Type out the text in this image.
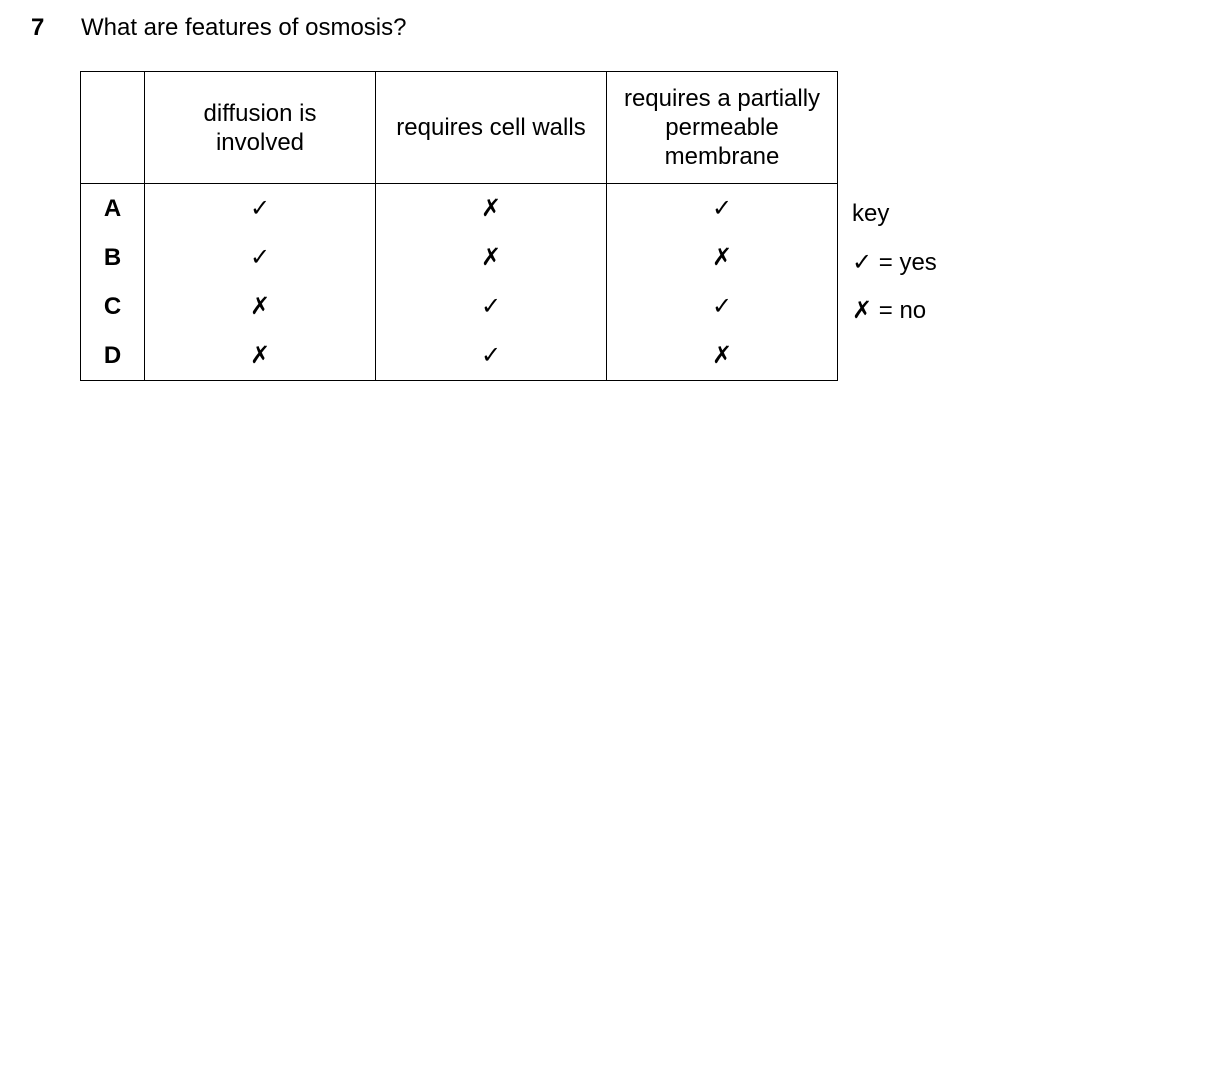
7 What are features of osmosis?
	diffusion is involved	requires cell walls	requires a partially permeable membrane
A	✓	✗	✓
B	✓	✗	✗
C	✗	✓	✓
D	✗	✓	✗
key
✓ = yes
✗ = no
